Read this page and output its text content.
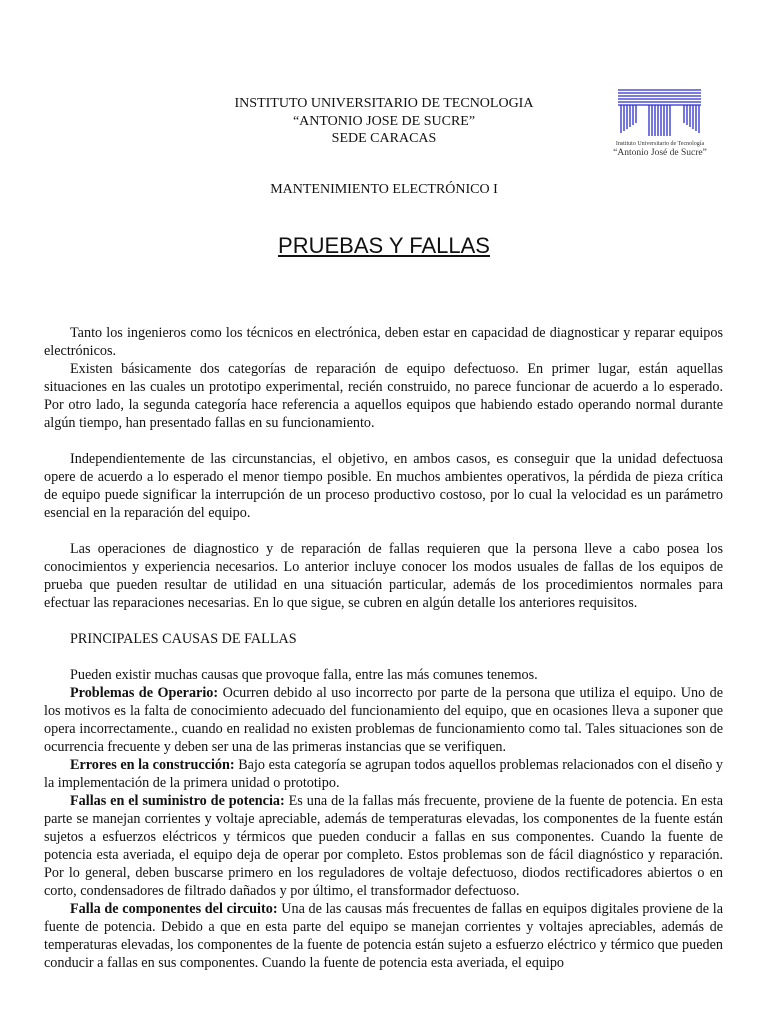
INSTITUTO UNIVERSITARIO DE TECNOLOGIA
“ANTONIO JOSE DE SUCRE”
SEDE CARACAS	Instituto Universitario de Tecnología
“Antonio José de Sucre”
MANTENIMIENTO ELECTRÓNICO I
PRUEBAS Y FALLAS

Tanto los ingenieros como los técnicos en electrónica, deben estar en capacidad de diagnosticar y reparar equipos electrónicos.

Existen básicamente dos categorías de reparación de equipo defectuoso. En primer lugar, están aquellas situaciones en las cuales un prototipo experimental, recién construido, no parece funcionar de acuerdo a lo esperado. Por otro lado, la segunda categoría hace referencia a aquellos equipos que habiendo estado operando normal durante algún tiempo, han presentado fallas en su funcionamiento.

Independientemente de las circunstancias, el objetivo, en ambos casos, es conseguir que la unidad defectuosa opere de acuerdo a lo esperado el menor tiempo posible. En muchos ambientes operativos, la pérdida de pieza crítica de equipo puede significar la interrupción de un proceso productivo costoso, por lo cual la velocidad es un parámetro esencial en la reparación del equipo.

Las operaciones de diagnostico y de reparación de fallas requieren que la persona lleve a cabo posea los conocimientos y experiencia necesarios. Lo anterior incluye conocer los modos usuales de fallas de los equipos de prueba que pueden resultar de utilidad en una situación particular, además de los procedimientos normales para efectuar las reparaciones necesarias. En lo que sigue, se cubren en algún detalle los anteriores requisitos.

PRINCIPALES CAUSAS DE FALLAS

Pueden existir muchas causas que provoque falla, entre las más comunes tenemos.

Problemas de Operario: Ocurren debido al uso incorrecto por parte de la persona que utiliza el equipo. Uno de los motivos es la falta de conocimiento adecuado del funcionamiento del equipo, que en ocasiones lleva a suponer que opera incorrectamente., cuando en realidad no existen problemas de funcionamiento como tal. Tales situaciones son de ocurrencia frecuente y deben ser una de las primeras instancias que se verifiquen.

Errores en la construcción: Bajo esta categoría se agrupan todos aquellos problemas relacionados con el diseño y la implementación de la primera unidad o prototipo.

Fallas en el suministro de potencia: Es una de la fallas más frecuente, proviene de la fuente de potencia. En esta parte se manejan corrientes y voltaje apreciable, además de temperaturas elevadas, los componentes de la fuente están sujetos a esfuerzos eléctricos y térmicos que pueden conducir a fallas en sus componentes. Cuando la fuente de potencia esta averiada, el equipo deja de operar por completo. Estos problemas son de fácil diagnóstico y reparación. Por lo general, deben buscarse primero en los reguladores de voltaje defectuoso, diodos rectificadores abiertos o en corto, condensadores de filtrado dañados y por último, el transformador defectuoso.

Falla de componentes del circuito: Una de las causas más frecuentes de fallas en equipos digitales proviene de la fuente de potencia. Debido a que en esta parte del equipo se manejan corrientes y voltajes apreciables, además de temperaturas elevadas, los componentes de la fuente de potencia están sujeto a esfuerzo eléctrico y térmico que pueden conducir a fallas en sus componentes. Cuando la fuente de potencia esta averiada, el equipo
